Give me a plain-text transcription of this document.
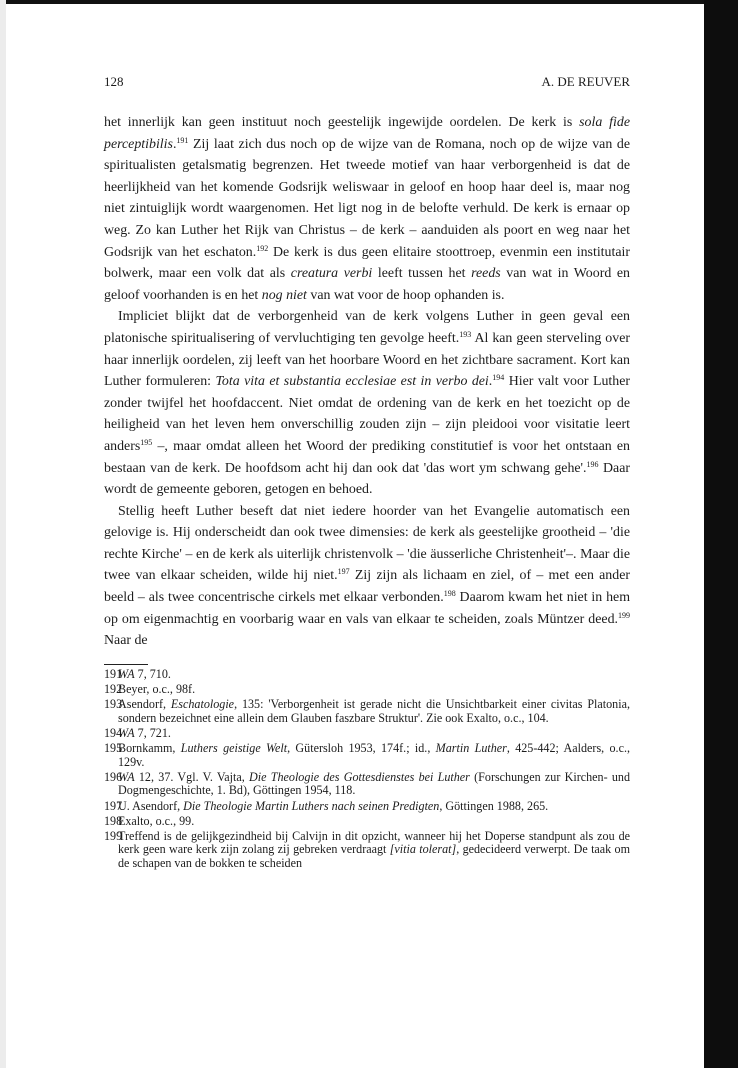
128	A. DE REUVER

het innerlijk kan geen instituut noch geestelijk ingewijde oordelen. De kerk is sola fide perceptibilis.$^{191}$ Zij laat zich dus noch op de wijze van de Romana, noch op de wijze van de spiritualisten getalsmatig begrenzen. Het tweede motief van haar verborgenheid is dat de heerlijkheid van het komende Godsrijk weliswaar in geloof en hoop haar deel is, maar nog niet zintuiglijk wordt waargenomen. Het ligt nog in de belofte verhuld. De kerk is ernaar op weg. Zo kan Luther het Rijk van Christus – de kerk – aanduiden als poort en weg naar het Godsrijk van het eschaton.$^{192}$ De kerk is dus geen elitaire stoottroep, evenmin een institutair bolwerk, maar een volk dat als creatura verbi leeft tussen het reeds van wat in Woord en geloof voorhanden is en het nog niet van wat voor de hoop ophanden is.

Impliciet blijkt dat de verborgenheid van de kerk volgens Luther in geen geval een platonische spiritualisering of vervluchtiging ten gevolge heeft.$^{193}$ Al kan geen sterveling over haar innerlijk oordelen, zij leeft van het hoorbare Woord en het zichtbare sacrament. Kort kan Luther formuleren: Tota vita et substantia ecclesiae est in verbo dei.$^{194}$ Hier valt voor Luther zonder twijfel het hoofdaccent. Niet omdat de ordening van de kerk en het toezicht op de heiligheid van het leven hem onverschillig zouden zijn – zijn pleidooi voor visitatie leert anders$^{195}$ –, maar omdat alleen het Woord der prediking constitutief is voor het ontstaan en bestaan van de kerk. De hoofdsom acht hij dan ook dat 'das wort ym schwang gehe'.$^{196}$ Daar wordt de gemeente geboren, getogen en behoed.

Stellig heeft Luther beseft dat niet iedere hoorder van het Evangelie automatisch een gelovige is. Hij onderscheidt dan ook twee dimensies: de kerk als geestelijke grootheid – 'die rechte Kirche' – en de kerk als uiterlijk christenvolk – 'die äusserliche Christenheit'–. Maar die twee van elkaar scheiden, wilde hij niet.$^{197}$ Zij zijn als lichaam en ziel, of – met een ander beeld – als twee concentrische cirkels met elkaar verbonden.$^{198}$ Daarom kwam het niet in hem op om eigenmachtig en voorbarig waar en vals van elkaar te scheiden, zoals Müntzer deed.$^{199}$ Naar de

191
WA 7, 710.
192
Beyer, o.c., 98f.
193
Asendorf, Eschatologie, 135: 'Verborgenheit ist gerade nicht die Unsichtbarkeit einer civitas Platonia, sondern bezeichnet eine allein dem Glauben faszbare Struktur'. Zie ook Exalto, o.c., 104.
194
WA 7, 721.
195
Bornkamm, Luthers geistige Welt, Gütersloh 1953, 174f.; id., Martin Luther, 425-442; Aalders, o.c., 129v.
196
WA 12, 37. Vgl. V. Vajta, Die Theologie des Gottesdienstes bei Luther (Forschungen zur Kirchen- und Dogmengeschichte, 1. Bd), Göttingen 1954, 118.
197
U. Asendorf, Die Theologie Martin Luthers nach seinen Predigten, Göttingen 1988, 265.
198
Exalto, o.c., 99.
199
Treffend is de gelijkgezindheid bij Calvijn in dit opzicht, wanneer hij het Doperse standpunt als zou de kerk geen ware kerk zijn zolang zij gebreken verdraagt [vitia tolerat], gedecideerd verwerpt. De taak om de schapen van de bokken te scheiden
